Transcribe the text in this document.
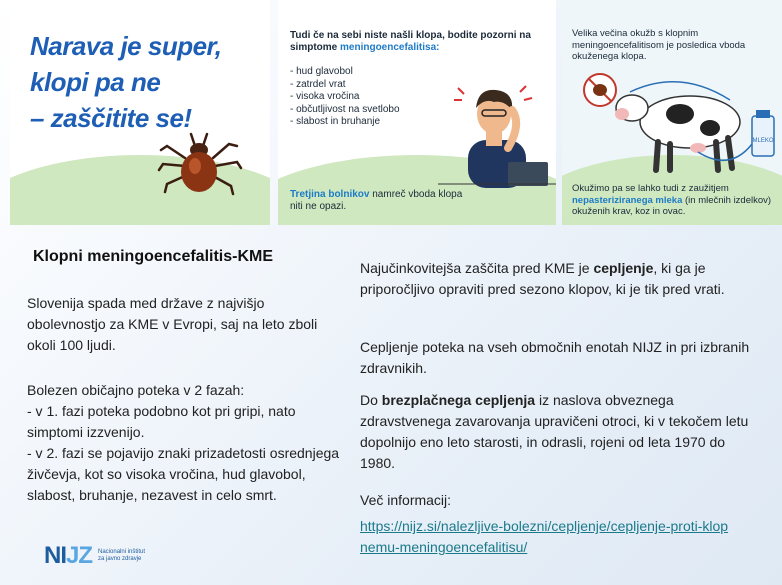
Narava je super,
klopi pa ne
– zaščitite se!
Tudi če na sebi niste našli klopa, bodite pozorni na simptome meningoencefalitisa:
- hud glavobol
- zatrdel vrat
- visoka vročina
- občutljivost na svetlobo
- slabost in bruhanje
Tretjina bolnikov namreč vboda klopa niti ne opazi.
Velika večina okužb s klopnim meningoencefalitisom je posledica vboda okuženega klopa.
MLEKO
Okužimo pa se lahko tudi z zaužitjem nepasteriziranega mleka (in mlečnih izdelkov) okuženih krav, koz in ovac.
Klopni meningoencefalitis-KME

Slovenija spada med države z najvišjo obolevnostjo za KME v Evropi, saj na leto zboli okoli 100 ljudi.

Bolezen običajno poteka v 2 fazah:
- v 1. fazi poteka podobno kot pri gripi, nato simptomi izzvenijo.
- v 2. fazi se pojavijo znaki prizadetosti osrednjega živčevja, kot so visoka vročina, hud glavobol, slabost, bruhanje, nezavest in celo smrt.

Najučinkovitejša zaščita pred KME je cepljenje, ki ga je priporočljivo opraviti pred sezono klopov, ki je tik pred vrati.

Cepljenje poteka na vseh območnih enotah NIJZ in pri izbranih zdravnikih.

Do brezplačnega cepljenja iz naslova obveznega zdravstvenega zavarovanja upravičeni otroci, ki v tekočem letu dopolnijo eno leto starosti, in odrasli, rojeni od leta 1970 do 1980.

Več informacij:

https://nijz.si/nalezljive-bolezni/cepljenje/cepljenje-proti-klopnemu-meningoencefalitisu/
NIJZ Nacionalni inštitut
za javno zdravje
